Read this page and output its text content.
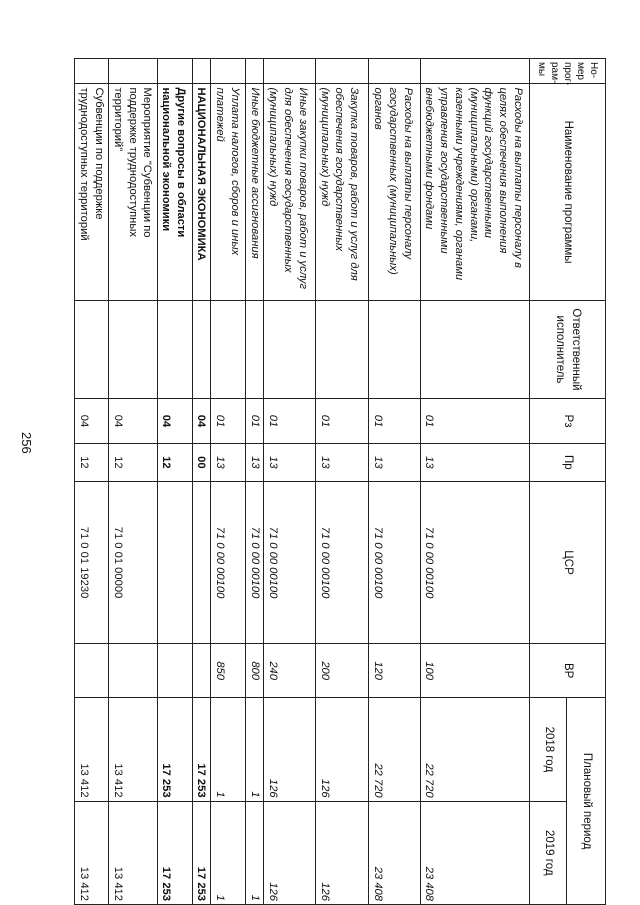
256
Но-мер прог-рам-мы	Наименование программы	Ответственный исполнитель	Рз	Пр	ЦСР	ВР	Плановый период	
							2018 год	2019 год
	Расходы на выплаты персоналу в целях обеспечения выполнения функций государственными (муниципальными) органами, казенными учреждениями, органами управления государственными внебюджетными фондами		01	13	71 0 00 00100	100	22 720	23 408
	Расходы на выплаты персоналу государственных (муниципальных) органов		01	13	71 0 00 00100	120	22 720	23 408
	Закупка товаров, работ и услуг для обеспечения государственных (муниципальных) нужд		01	13	71 0 00 00100	200	126	126
	Иные закупки товаров, работ и услуг для обеспечения государственных (муниципальных) нужд		01	13	71 0 00 00100	240	126	126
	Иные бюджетные ассигнования		01	13	71 0 00 00100	800	1	1
	Уплата налогов, сборов и иных платежей		01	13	71 0 00 00100	850	1	1
	НАЦИОНАЛЬНАЯ ЭКОНОМИКА		04	00			17 253	17 253
	Другие вопросы в области национальной экономики		04	12			17 253	17 253
	Мероприятие "Субвенции по поддержке труднодоступных территорий"		04	12	71 0 01 00000		13 412	13 412
	Субвенции по поддержке труднодоступных территорий		04	12	71 0 01 19230		13 412	13 412
